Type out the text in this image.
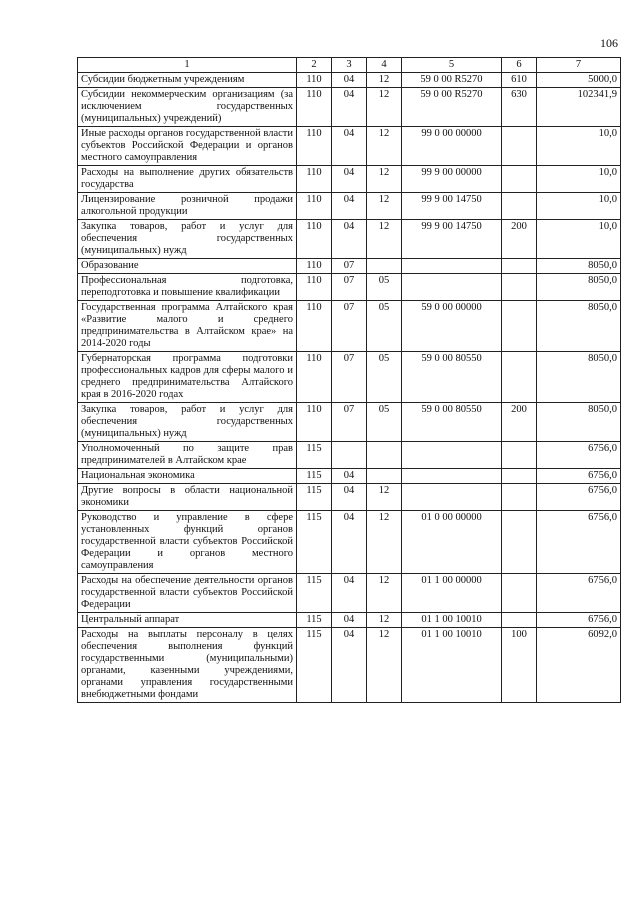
106
1	2	3	4	5	6	7
Субсидии бюджетным учреждениям	110	04	12	59 0 00 R5270	610	5000,0
Субсидии некоммерческим организациям (за исключением государственных (муниципальных) учреждений)	110	04	12	59 0 00 R5270	630	102341,9
Иные расходы органов государственной власти субъектов Российской Федерации и органов местного самоуправления	110	04	12	99 0 00 00000		10,0
Расходы на выполнение других обязательств государства	110	04	12	99 9 00 00000		10,0
Лицензирование розничной продажи алкогольной продукции	110	04	12	99 9 00 14750		10,0
Закупка товаров, работ и услуг для обеспечения государственных (муниципальных) нужд	110	04	12	99 9 00 14750	200	10,0
Образование	110	07				8050,0
Профессиональная подготовка, переподготовка и повышение квалификации	110	07	05			8050,0
Государственная программа Алтайского края «Развитие малого и среднего предпринимательства в Алтайском крае» на 2014-2020 годы	110	07	05	59 0 00 00000		8050,0
Губернаторская программа подготовки профессиональных кадров для сферы малого и среднего предпринимательства Алтайского края в 2016-2020 годах	110	07	05	59 0 00 80550		8050,0
Закупка товаров, работ и услуг для обеспечения государственных (муниципальных) нужд	110	07	05	59 0 00 80550	200	8050,0
Уполномоченный по защите прав предпринимателей в Алтайском крае	115					6756,0
Национальная экономика	115	04				6756,0
Другие вопросы в области национальной экономики	115	04	12			6756,0
Руководство и управление в сфере установленных функций органов государственной власти субъектов Российской Федерации и органов местного самоуправления	115	04	12	01 0 00 00000		6756,0
Расходы на обеспечение деятельности органов государственной власти субъектов Российской Федерации	115	04	12	01 1 00 00000		6756,0
Центральный аппарат	115	04	12	01 1 00 10010		6756,0
Расходы на выплаты персоналу в целях обеспечения выполнения функций государственными (муниципальными) органами, казенными учреждениями, органами управления государственными внебюджетными фондами	115	04	12	01 1 00 10010	100	6092,0
